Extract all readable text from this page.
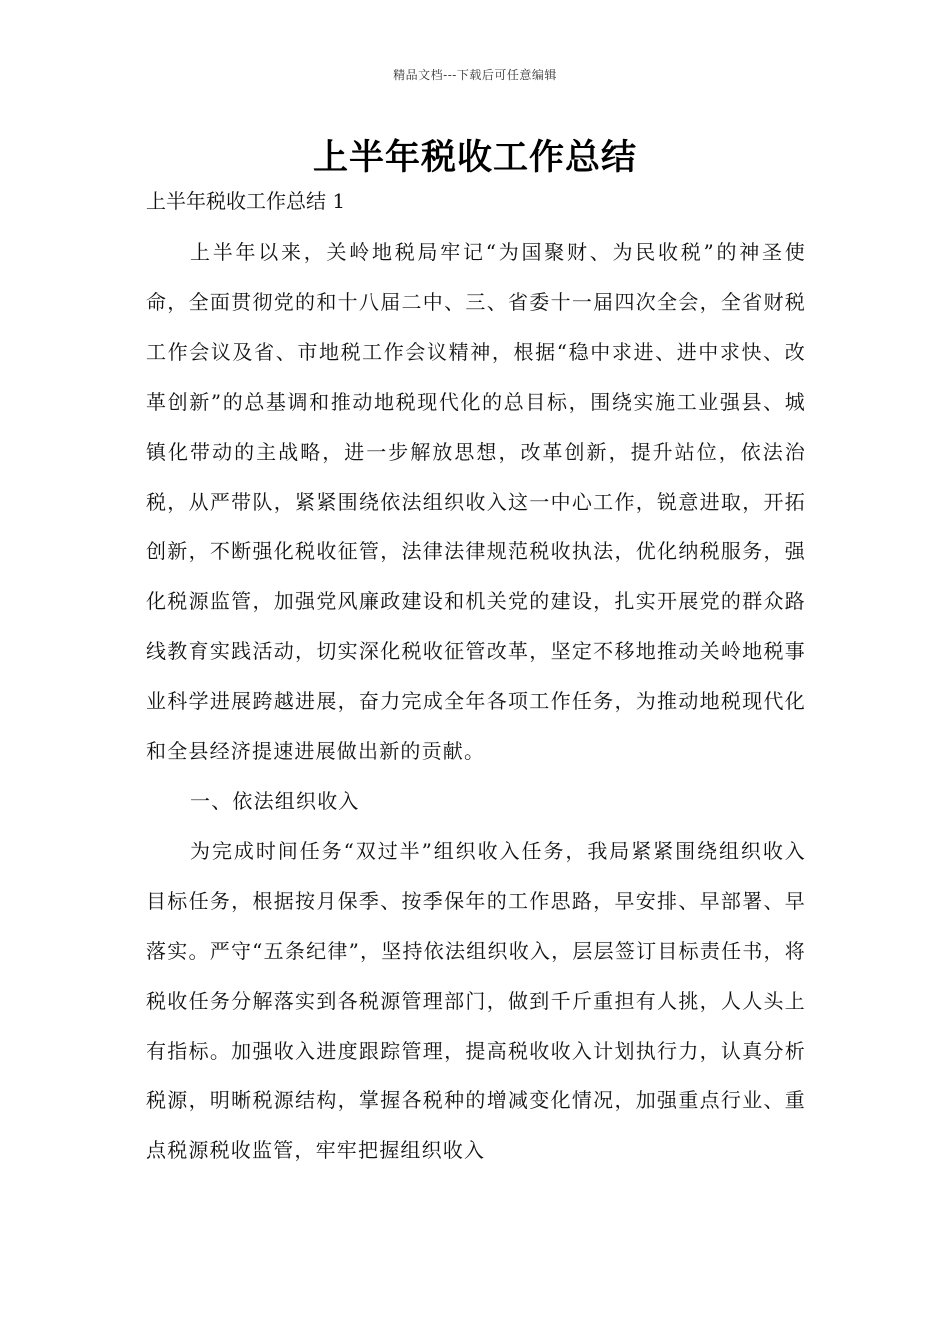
精品文档---下载后可任意编辑
上半年税收工作总结
上半年税收工作总结 1

上半年以来，关岭地税局牢记“为国聚财、为民收税”的神圣使命，全面贯彻党的和十八届二中、三、省委十一届四次全会，全省财税工作会议及省、市地税工作会议精神，根据“稳中求进、进中求快、改革创新”的总基调和推动地税现代化的总目标，围绕实施工业强县、城镇化带动的主战略，进一步解放思想，改革创新，提升站位，依法治税，从严带队，紧紧围绕依法组织收入这一中心工作，锐意进取，开拓创新，不断强化税收征管，法律法律规范税收执法，优化纳税服务，强化税源监管，加强党风廉政建设和机关党的建设，扎实开展党的群众路线教育实践活动，切实深化税收征管改革，坚定不移地推动关岭地税事业科学进展跨越进展，奋力完成全年各项工作任务，为推动地税现代化和全县经济提速进展做出新的贡献。

一、依法组织收入

为完成时间任务“双过半”组织收入任务，我局紧紧围绕组织收入目标任务，根据按月保季、按季保年的工作思路，早安排、早部署、早落实。严守“五条纪律”，坚持依法组织收入，层层签订目标责任书，将税收任务分解落实到各税源管理部门，做到千斤重担有人挑，人人头上有指标。加强收入进度跟踪管理，提高税收收入计划执行力，认真分析税源，明晰税源结构，掌握各税种的增减变化情况，加强重点行业、重点税源税收监管，牢牢把握组织收入
